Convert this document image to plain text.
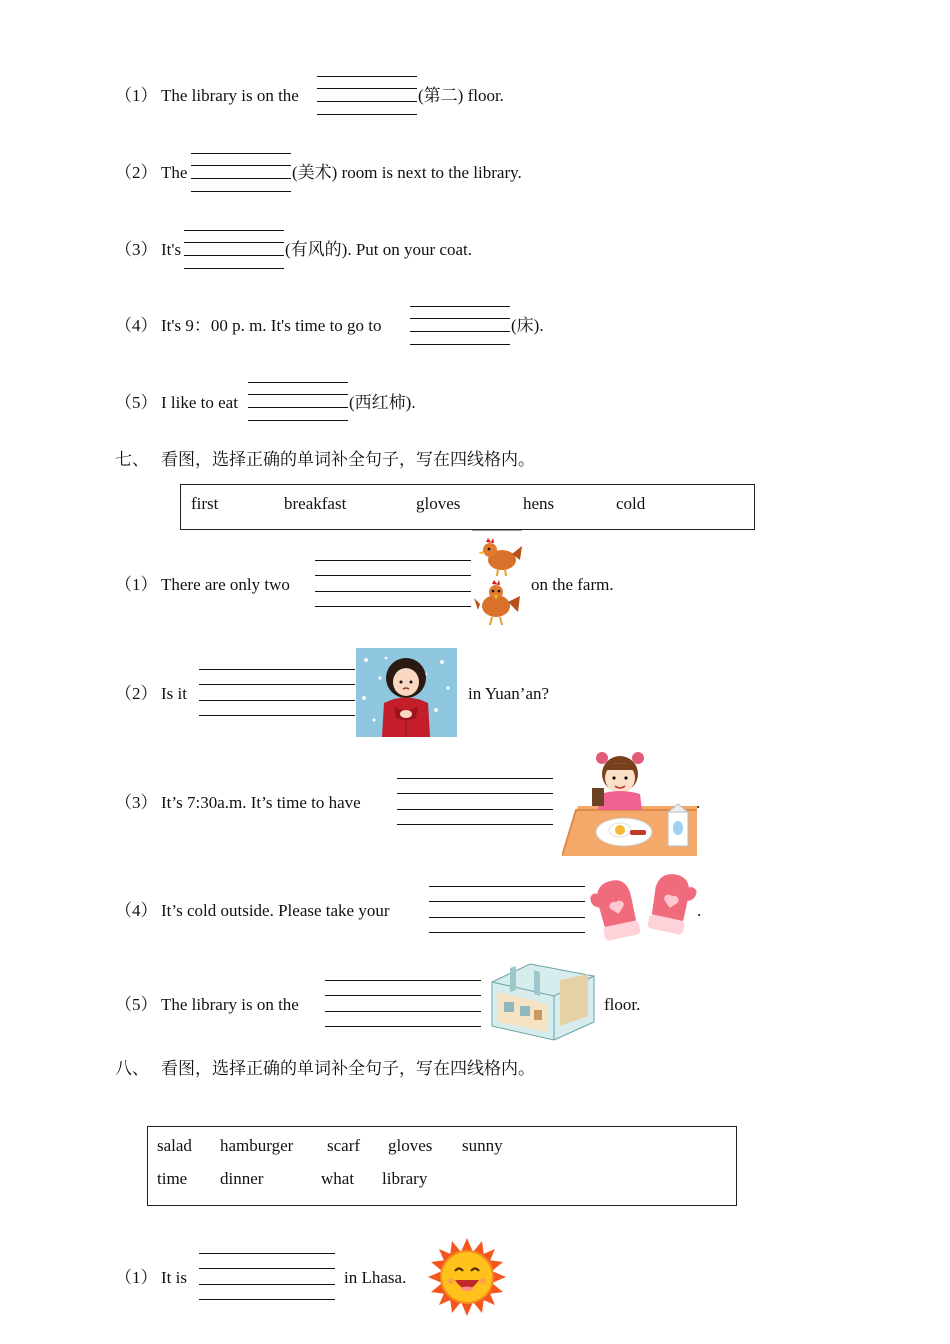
（1） The library is on the	(第二) floor.
（2） The	(美术) room is next to the library.
（3） It's	(有风的). Put on your coat.
（4） It's 9：00 p. m. It's time to go to	(床).
（5） I like to eat	(西红柿).
七、 看图，选择正确的单词补全句子，写在四线格内。
first	breakfast	gloves	hens	cold
（1） There are only two	on the farm.
（2） Is it	in Yuan’an?
（3） It’s 7:30a.m. It’s time to have	.
（4） It’s cold outside. Please take your	.
（5） The library is on the	floor.
八、 看图，选择正确的单词补全句子，写在四线格内。
salad hamburger scarf gloves sunny
time dinner	what library
（1） It is	in Lhasa.
